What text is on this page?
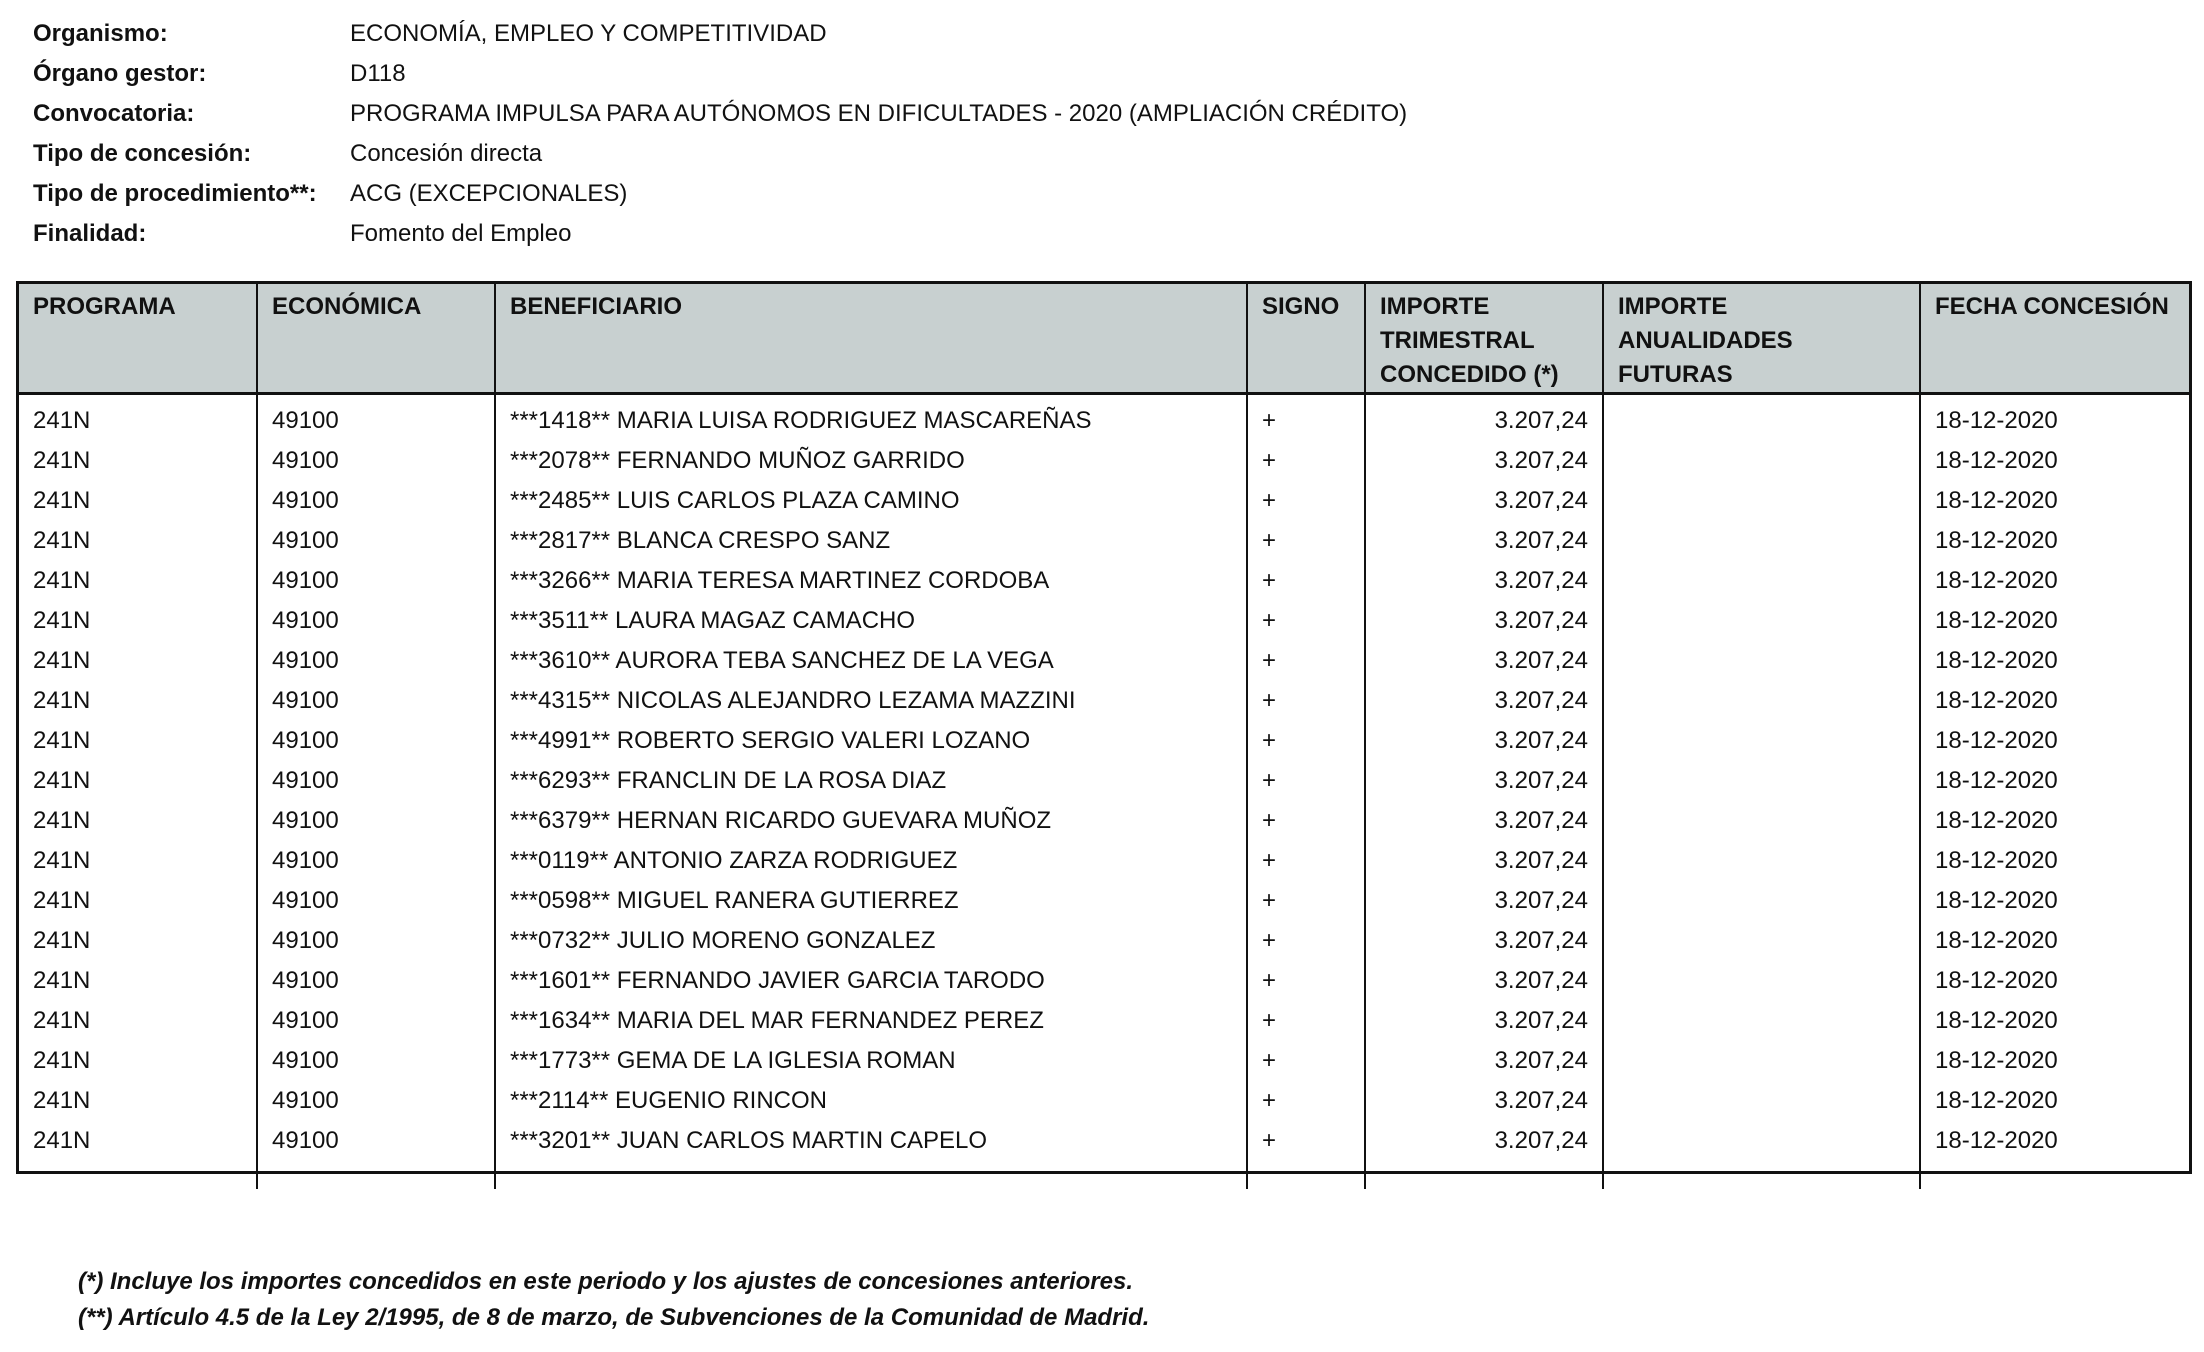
Organismo:	ECONOMÍA, EMPLEO Y COMPETITIVIDAD
Órgano gestor:	D118
Convocatoria:	PROGRAMA IMPULSA PARA AUTÓNOMOS EN DIFICULTADES - 2020 (AMPLIACIÓN CRÉDITO)
Tipo de concesión:	Concesión directa
Tipo de procedimiento**:	ACG (EXCEPCIONALES)
Finalidad:	Fomento del Empleo
PROGRAMA	ECONÓMICA	BENEFICIARIO	SIGNO	IMPORTE TRIMESTRAL CONCEDIDO (*)	IMPORTE ANUALIDADES FUTURAS	FECHA CONCESIÓN
241N	49100	***1418** MARIA LUISA RODRIGUEZ MASCAREÑAS	+	3.207,24		18-12-2020
241N	49100	***2078** FERNANDO MUÑOZ GARRIDO	+	3.207,24		18-12-2020
241N	49100	***2485** LUIS CARLOS PLAZA CAMINO	+	3.207,24		18-12-2020
241N	49100	***2817** BLANCA CRESPO SANZ	+	3.207,24		18-12-2020
241N	49100	***3266** MARIA TERESA MARTINEZ CORDOBA	+	3.207,24		18-12-2020
241N	49100	***3511** LAURA MAGAZ CAMACHO	+	3.207,24		18-12-2020
241N	49100	***3610** AURORA TEBA SANCHEZ DE LA VEGA	+	3.207,24		18-12-2020
241N	49100	***4315** NICOLAS ALEJANDRO LEZAMA MAZZINI	+	3.207,24		18-12-2020
241N	49100	***4991** ROBERTO SERGIO VALERI LOZANO	+	3.207,24		18-12-2020
241N	49100	***6293** FRANCLIN DE LA ROSA DIAZ	+	3.207,24		18-12-2020
241N	49100	***6379** HERNAN RICARDO GUEVARA MUÑOZ	+	3.207,24		18-12-2020
241N	49100	***0119** ANTONIO ZARZA RODRIGUEZ	+	3.207,24		18-12-2020
241N	49100	***0598** MIGUEL RANERA GUTIERREZ	+	3.207,24		18-12-2020
241N	49100	***0732** JULIO MORENO GONZALEZ	+	3.207,24		18-12-2020
241N	49100	***1601** FERNANDO JAVIER GARCIA TARODO	+	3.207,24		18-12-2020
241N	49100	***1634** MARIA DEL MAR FERNANDEZ PEREZ	+	3.207,24		18-12-2020
241N	49100	***1773** GEMA DE LA IGLESIA ROMAN	+	3.207,24		18-12-2020
241N	49100	***2114** EUGENIO RINCON	+	3.207,24		18-12-2020
241N	49100	***3201** JUAN CARLOS MARTIN CAPELO	+	3.207,24		18-12-2020

(*) Incluye los importes concedidos en este periodo y los ajustes de concesiones anteriores.
(**) Artículo 4.5 de la Ley 2/1995, de 8 de marzo, de Subvenciones de la Comunidad de Madrid.
